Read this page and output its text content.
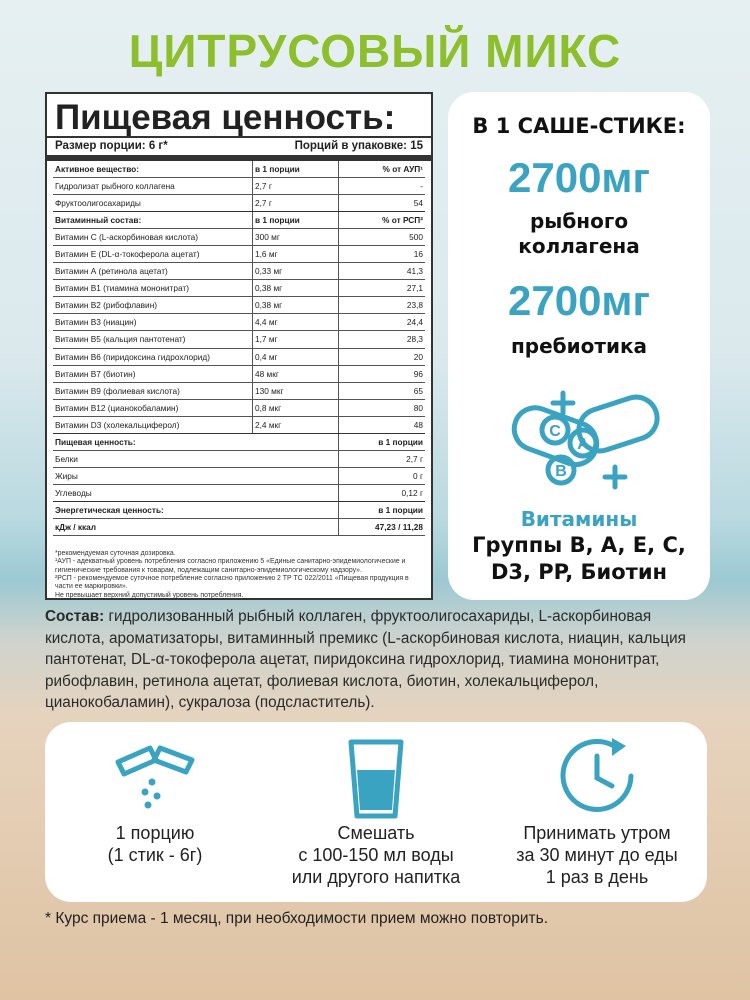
ЦИТРУСОВЫЙ МИКС
Пищевая ценность:
Размер порции: 6 г*	Порций в упаковке: 15
Активное вещество:	в 1 порции	% от АУП¹
Гидролизат рыбного коллагена	2,7 г	-
Фруктоолигосахариды	2,7 г	54
Витаминный состав:	в 1 порции	% от РСП²
Витамин С (L-аскорбиновая кислота)	300 мг	500
Витамин Е (DL-α-токоферола ацетат)	1,6 мг	16
Витамин А (ретинола ацетат)	0,33 мг	41,3
Витамин В1 (тиамина мононитрат)	0,38 мг	27,1
Витамин В2 (рибофлавин)	0,38 мг	23,8
Витамин В3 (ниацин)	4,4 мг	24,4
Витамин В5 (кальция пантотенат)	1,7 мг	28,3
Витамин В6 (пиридоксина гидрохлорид)	0,4 мг	20
Витамин В7 (биотин)	48 мкг	96
Витамин В9 (фолиевая кислота)	130 мкг	65
Витамин В12 (цианокобаламин)	0,8 мкг	80
Витамин D3 (холекальциферол)	2,4 мкг	48
Пищевая ценность:	в 1 порции
Белки	2,7 г
Жиры	0 г
Углеводы	0,12 г
Энергетическая ценность:	в 1 порции
кДж / ккал	47,23 / 11,28
*рекомендуемая суточная дозировка.
¹АУП - адекватный уровень потребления согласно приложению 5 «Единые санитарно-эпидемиологические и гигиенические требования к товарам, подлежащим санитарно-эпидемиологическому надзору».
²РСП - рекомендуемое суточное потребление согласно приложению 2 ТР ТС 022/2011 «Пищевая продукция в части ее маркировки».
Не превышает верхний допустимый уровень потребления.
В 1 САШЕ-СТИКЕ:
2700мг
рыбного
коллагена
2700мг
пребиотика
C
A
B
Витамины
Группы B, A, E, C,
D3, PP, Биотин
Состав: гидролизованный рыбный коллаген, фруктоолигосахариды, L-аскорбиновая кислота, ароматизаторы, витаминный премикс (L-аскорбиновая кислота, ниацин, кальция пантотенат, DL-α-токоферола ацетат, пиридоксина гидрохлорид, тиамина мононитрат, рибофлавин, ретинола ацетат, фолиевая кислота, биотин, холекальциферол, цианокобаламин), сукралоза (подсластитель).
1 порцию
(1 стик - 6г)
Смешать
с 100-150 мл воды
или другого напитка
Принимать утром
за 30 минут до еды
1 раз в день
* Курс приема - 1 месяц, при необходимости прием можно повторить.
